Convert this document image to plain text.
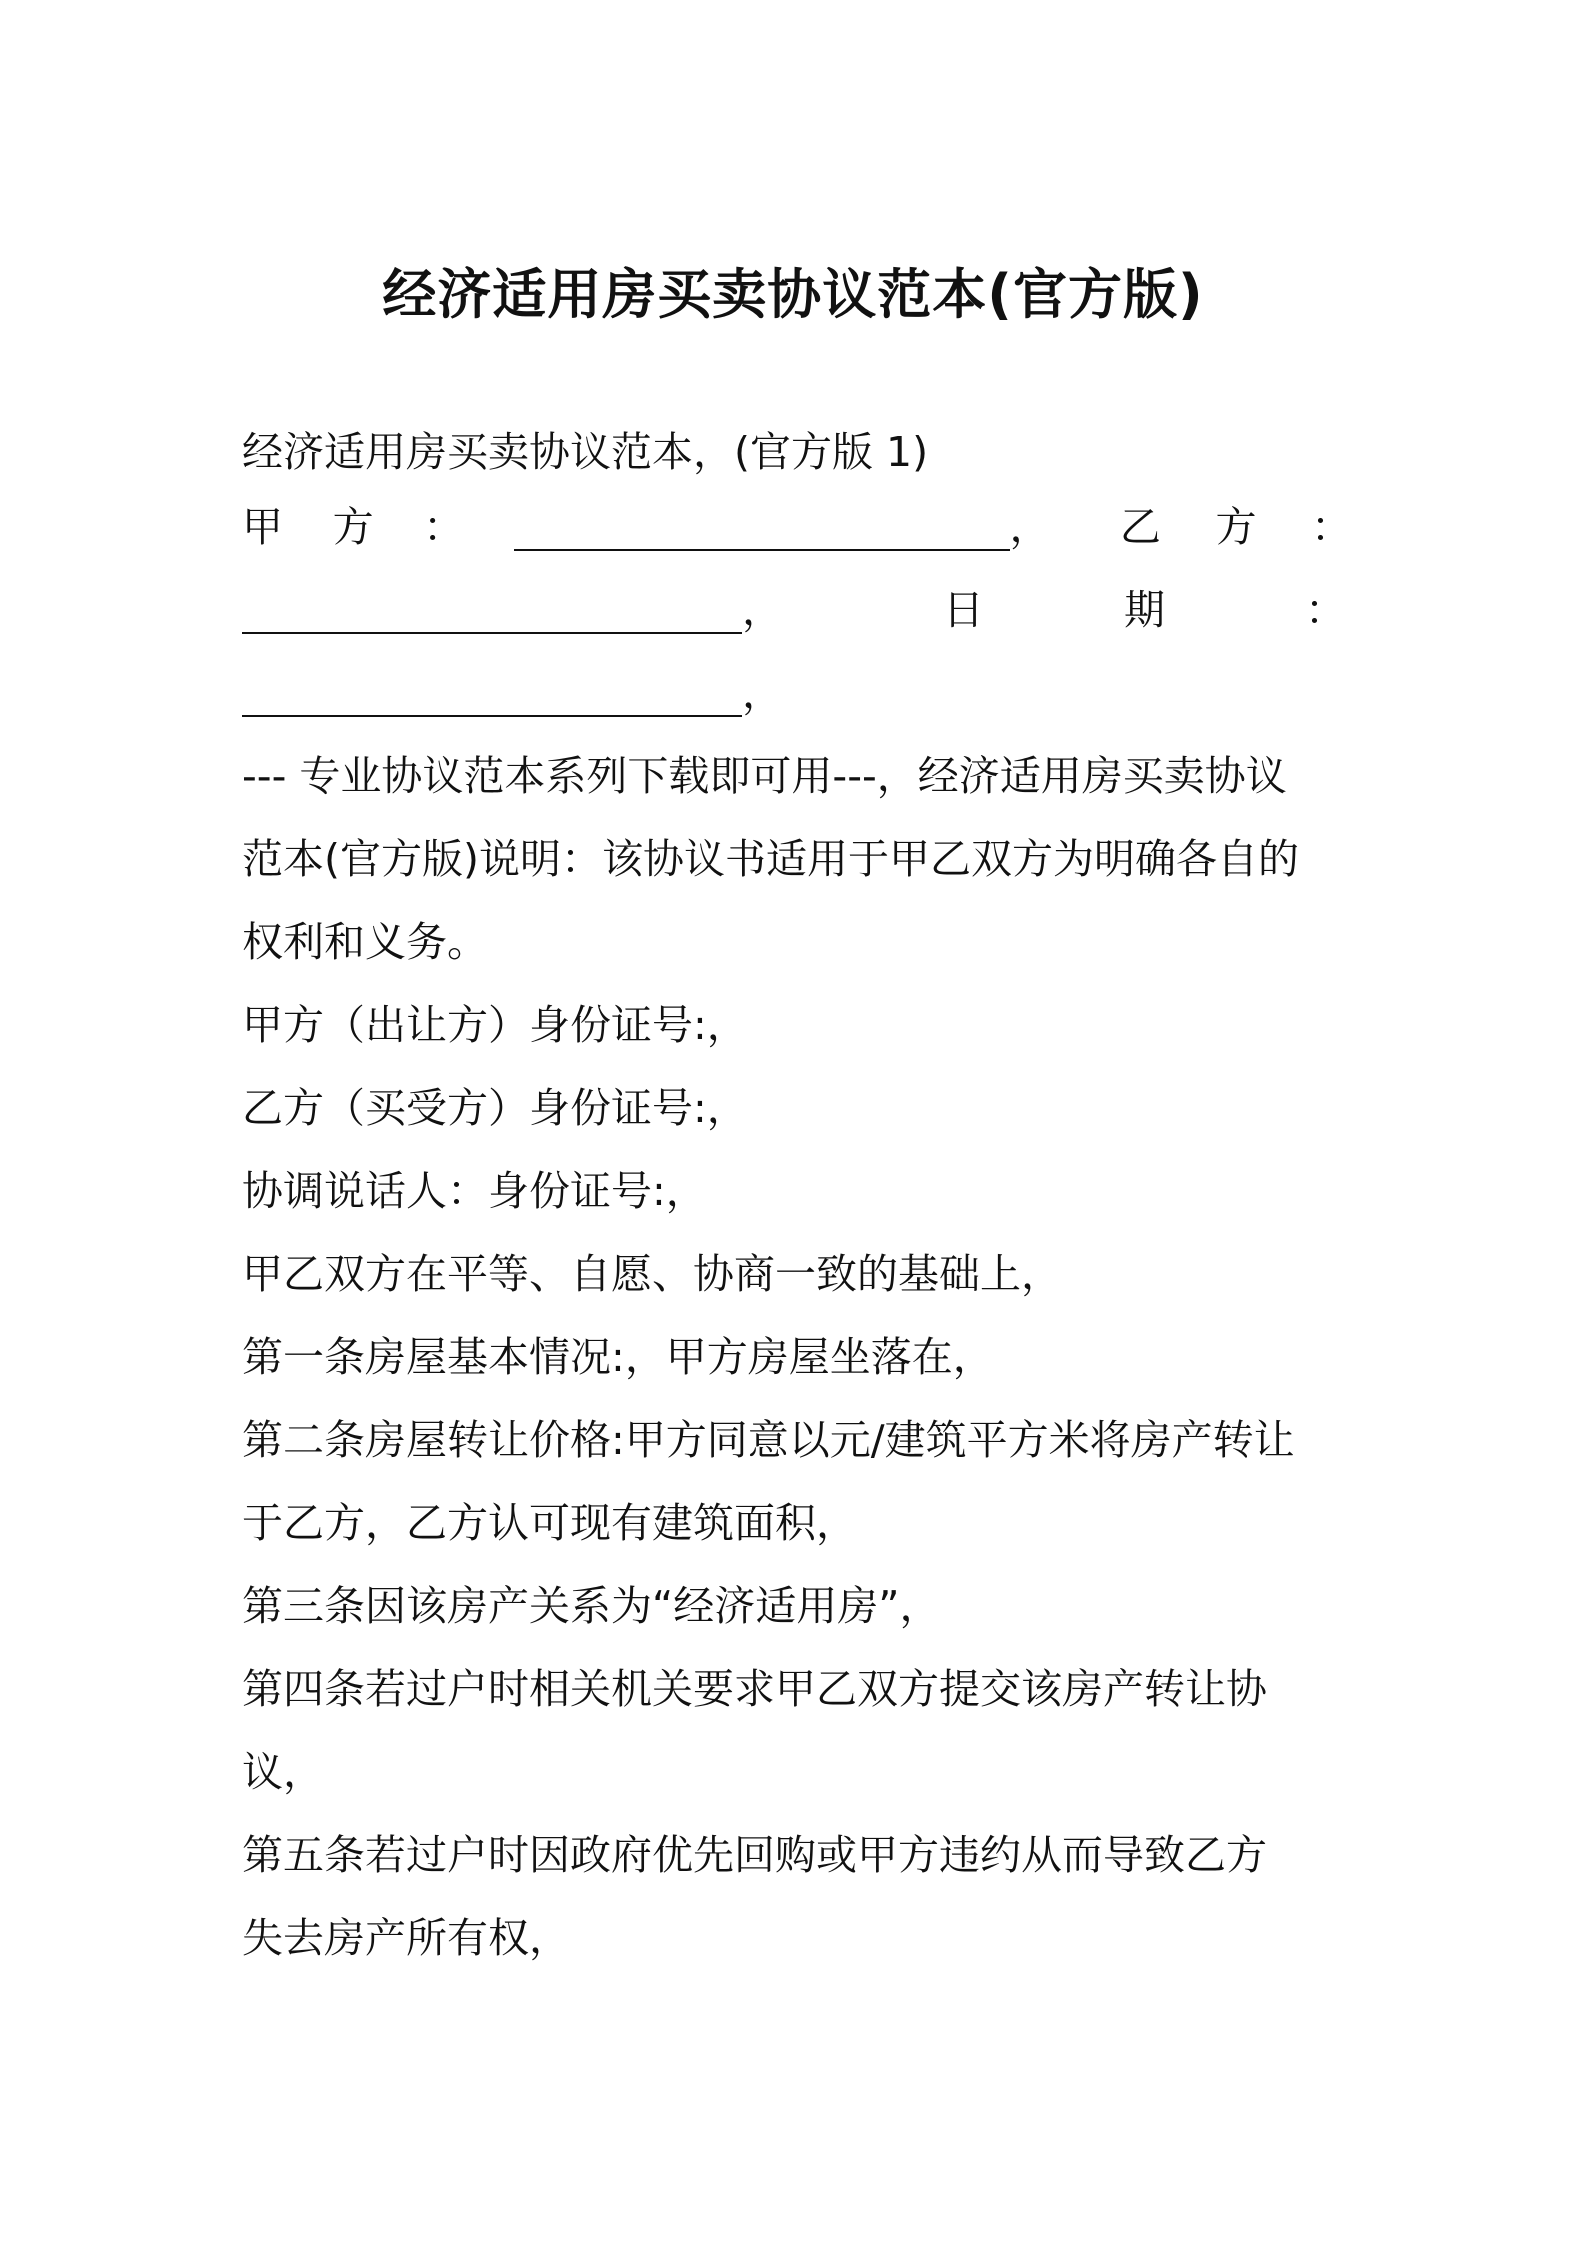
经济适用房买卖协议范本(官方版)
经济适用房买卖协议范本，(官方版 1)
甲 方 ：	， 乙 方 ：
，	日	期	：
，
--- 专业协议范本系列下载即可用---，经济适用房买卖协议
范本(官方版)说明：该协议书适用于甲乙双方为明确各自的
权利和义务。
甲方（出让方）身份证号:，
乙方（买受方）身份证号:，
协调说话人：身份证号:，
甲乙双方在平等、自愿、协商一致的基础上，
第一条房屋基本情况:，甲方房屋坐落在，
第二条房屋转让价格:甲方同意以元/建筑平方米将房产转让
于乙方，乙方认可现有建筑面积，
第三条因该房产关系为“经济适用房”，
第四条若过户时相关机关要求甲乙双方提交该房产转让协
议，
第五条若过户时因政府优先回购或甲方违约从而导致乙方
失去房产所有权，
